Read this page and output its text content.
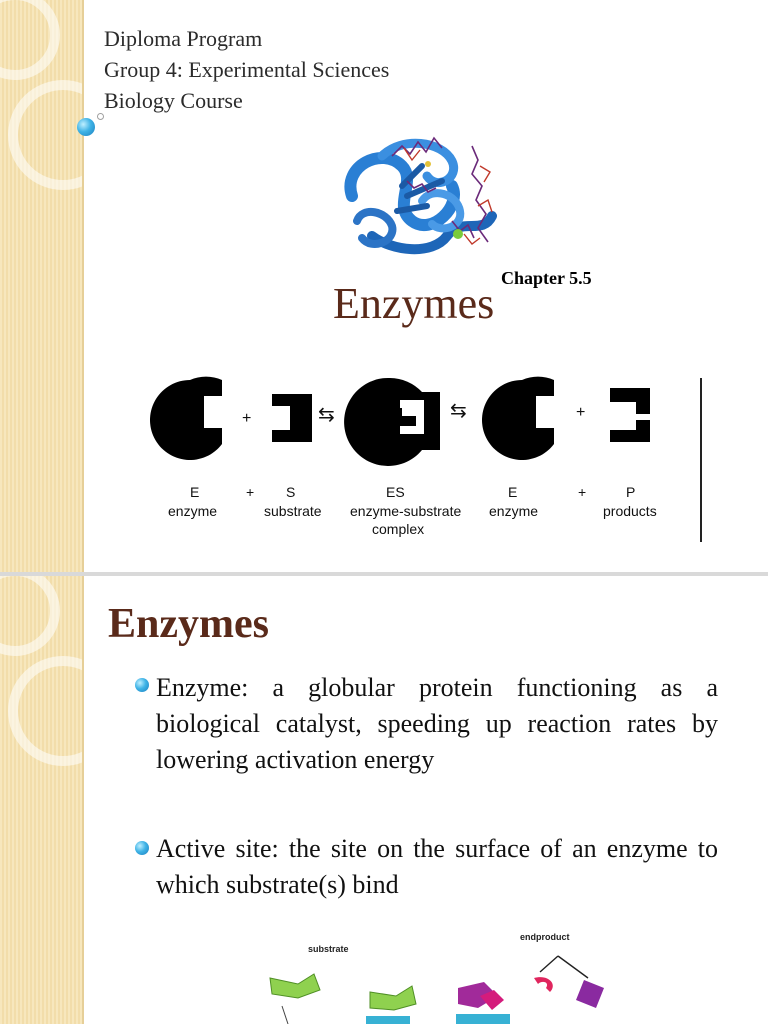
Diploma Program
Group 4: Experimental Sciences
Biology Course
Chapter 5.5
Enzymes
+	⇆	⇆	+
E	+ S	ES	E	+	P
enzyme	substrate enzyme-substrate
complex
enzyme	products
Enzymes
Enzyme: a globular protein functioning as a biological catalyst, speeding up reaction rates by lowering activation energy
Active site: the site on the surface of an enzyme to which substrate(s) bind
substrate
endproduct
